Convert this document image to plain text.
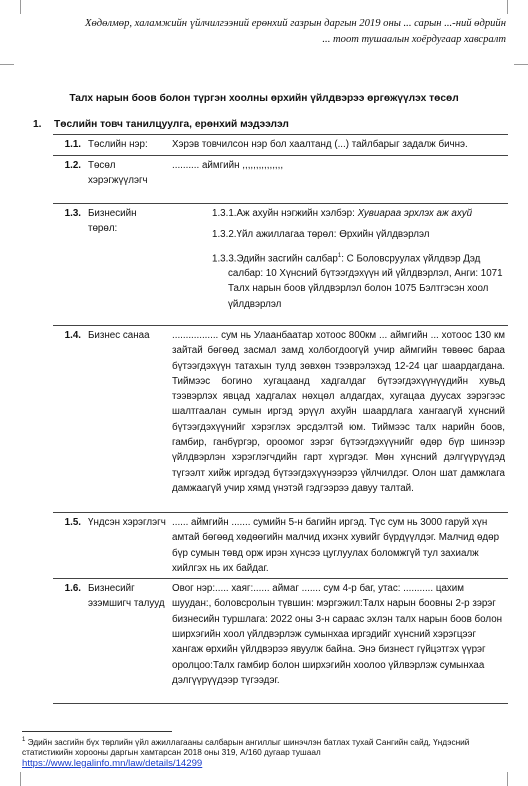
Хөдөлмөр, халамжийн үйлчилгээний ерөнхий газрын даргын 2019 оны ... сарын ...-ний өдрийн
... тоот тушаалын хоёрдугаар хавсралт
Талх нарын боов болон түргэн хоолны өрхийн үйлдвэрээ өргөжүүлэх төсөл
1. Төслийн товч танилцуулга, ерөнхий мэдээлэл
1.1.	Төслийн нэр:	Хэрэв товчилсон нэр бол хаалтанд (...) тайлбарыг задалж бичнэ.
1.2.	Төсөл хэрэгжүүлэгч	.......... аймгийн ,,,,,,,,,,,,,,,
1.3.	Бизнесийн төрөл:	1.3.1.Аж ахуйн нэгжийн хэлбэр: Хувиараа эрхлэх аж ахуй
1.3.2.Үйл ажиллагаа төрөл: Өрхийн үйлдвэрлэл
1.3.3.Эдийн засгийн салбар$^1$: С Боловсруулах үйлдвэр Дэд
салбар: 10 Хүнсний бүтээгдэхүүн ий үйлдвэрлэл, Анги: 1071 Талх нарын боов үйлдвэрлэл болон 1075 Бэлтгэсэн хоол үйлдвэрлэл

1.4.	Бизнес санаа	................. сум нь Улаанбаатар хотоос 800км ... аймгийн ... хотоос 130 км зайтай бөгөөд засмал замд холбогдоогүй учир аймгийн төвөөс бараа бүтээгдэхүүн татахын тулд зөвхөн тээврэлэхэд 12-24 цаг шаардагдана. Тиймээс богино хугацаанд хадгалдаг бүтээгдэхүүнүүдийн хувьд тээвэрлэх явцад хадгалах нөхцөл алдагдах, хугацаа дуусах зэрэгээс шалтгаалан сумын иргэд эрүүл ахуйн шаардлага хангаагүй хүнсний бүтээгдэхүүнийг хэрэглэх эрсдэлтэй юм. Тиймээс талх нарийн боов, гамбир, ганбүргэр, ороомог зэрэг бүтээгдэхүүнийг өдөр бүр шинээр үйлдвэрлэн хэрэглэгчдийн гарт хүргэдэг. Мөн хүнсний дэлгүүрүүдэд түгээлт хийж иргэдэд бүтээгдэхүүнээрээ үйлчилдэг. Олон шат дамжлага дамжаагүй учир хямд үнэтэй гэдгээрээ давуу талтай.
1.5.	Үндсэн хэрэглэгч	...... аймгийн ....... сумийн 5-н багийн иргэд. Түс сум нь 3000 гаруй хүн амтай бөгөөд хөдөөгийн малчид ихэнх хувийг бүрдүүлдэг. Малчид өдөр бүр сумын төвд орж ирэн хүнсээ цуглуулах боломжгүй тул захиалж хийлгэх нь их байдаг.
1.6.	Бизнесийг эзэмшигч талууд	Овог нэр:..... хаяг:...... аймаг ....... сум 4-р баг, утас: ........... цахим шуудан:, боловсролын түвшин: мэргэжил:Талх нарын боовны 2-р зэрэг бизнесийн туршлага: 2022 оны 3-н сараас эхлэн талх нарын боов болон ширхэгийн хоол үйлдвэрлэж сумынхаа иргэдийг хүнсний хэрэгцээг хангаж өрхийн үйлдвэрээ явуулж байна. Энэ бизнест гүйцэтгэх үүрэг оролцоо:Талх гамбир болон ширхэгийн хоолоо үйлвэрлэж сумынхаа дэлгүүрүүдээр түгээдэг.
$^1$ Эдийн засгийн бүх төрлийн үйл ажиллагааны салбарын ангиллыг шинэчлэн батлах тухай Сангийн сайд, Үндэсний статистикийн хорооны даргын хамтарсан 2018 оны 319, А/160 дугаар тушаал
https://www.legalinfo.mn/law/details/14299
